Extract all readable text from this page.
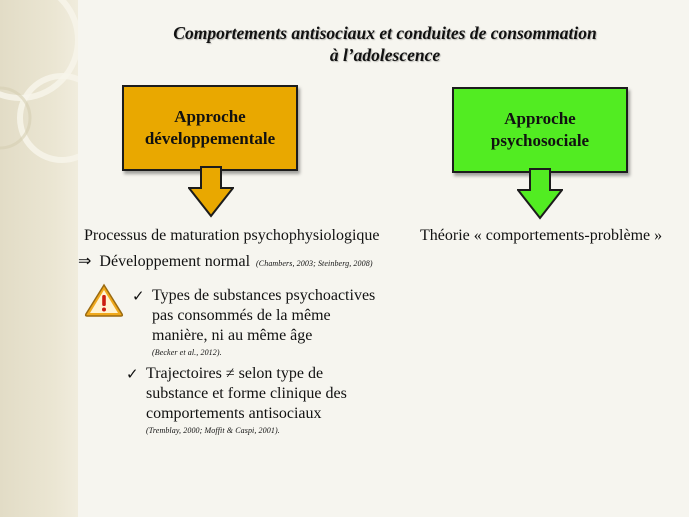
Comportements antisociaux et conduites de consommation
à l’adolescence
Approche
développementale
Approche
psychosociale
Processus de maturation psychophysiologique
⇒ Développement normal (Chambers, 2003; Steinberg, 2008)
✓ Types de substances psychoactives
pas consommés de la même
manière, ni au même âge
(Becker et al., 2012).
✓ Trajectoires ≠ selon type de
substance et forme clinique des
comportements antisociaux
(Tremblay, 2000; Moffit & Caspi, 2001).
Théorie « comportements-problème »
